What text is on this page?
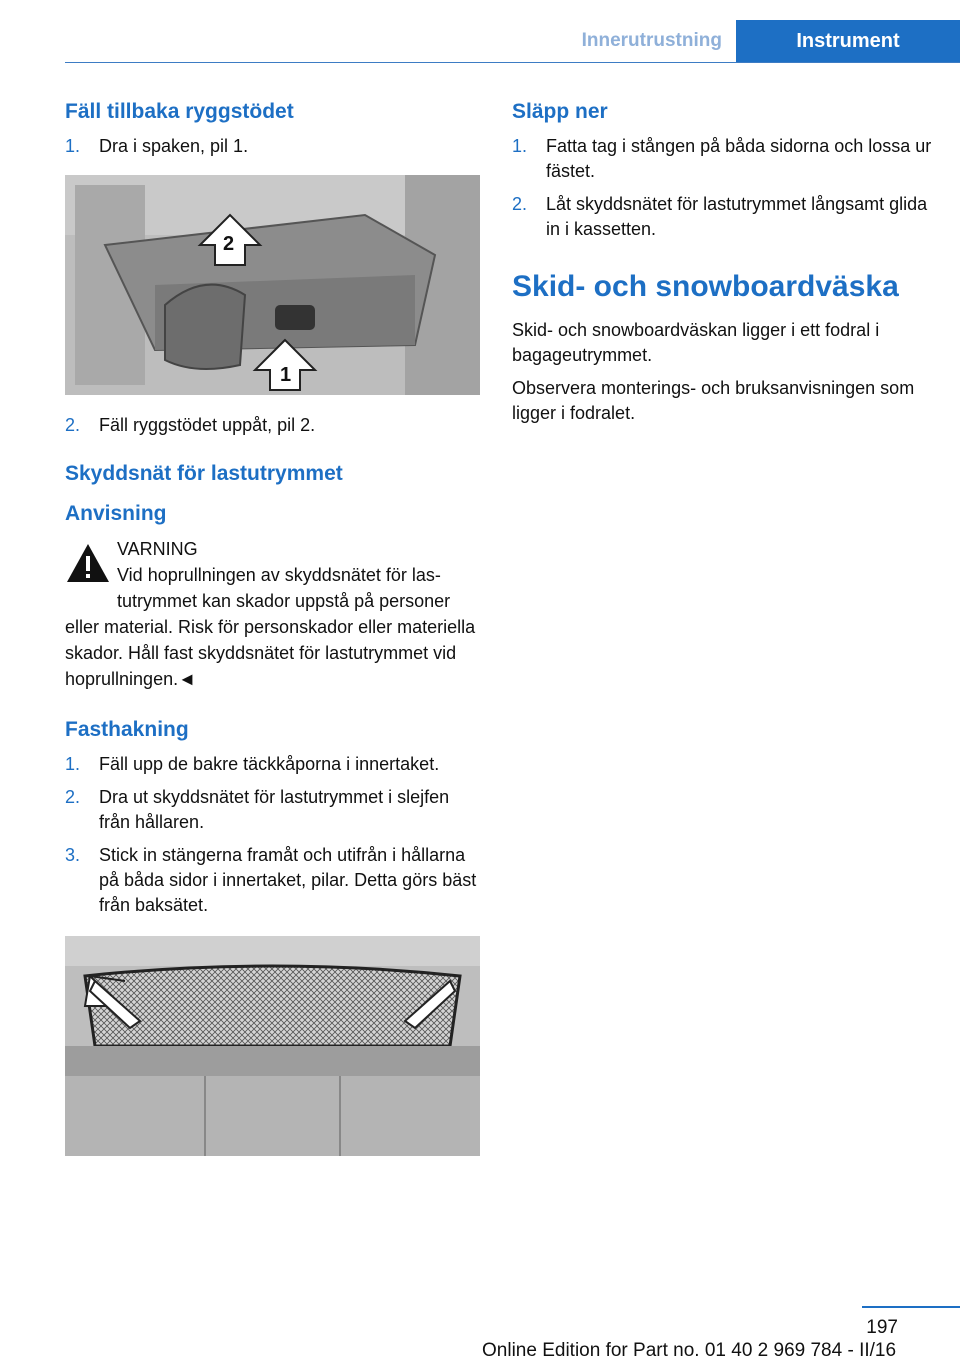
Innerutrustning	Instrument
Fäll tillbaka ryggstödet
1.	Dra i spaken, pil 1.
2
1
2.	Fäll ryggstödet uppåt, pil 2.
Skyddsnät för lastutrymmet
Anvisning
VARNING
Vid hoprullningen av skyddsnätet för lastutrymmet kan skador uppstå på personer eller material. Risk för personskador eller materiella skador. Håll fast skyddsnätet för lastutrymmet vid hoprullningen.◄
Fasthakning
1.	Fäll upp de bakre täckkåporna i innertaket.
2.	Dra ut skyddsnätet för lastutrymmet i slejfen från hållaren.
3.	Stick in stängerna framåt och utifrån i hållarna på båda sidor i innertaket, pilar. Detta görs bäst från baksätet.
Släpp ner
1.	Fatta tag i stången på båda sidorna och lossa ur fästet.
2.	Låt skyddsnätet för lastutrymmet långsamt glida in i kassetten.
Skid- och snowboardväska

Skid- och snowboardväskan ligger i ett fodral i bagageutrymmet.

Observera monterings- och bruksanvisningen som ligger i fodralet.

197
Online Edition for Part no. 01 40 2 969 784 - II/16
